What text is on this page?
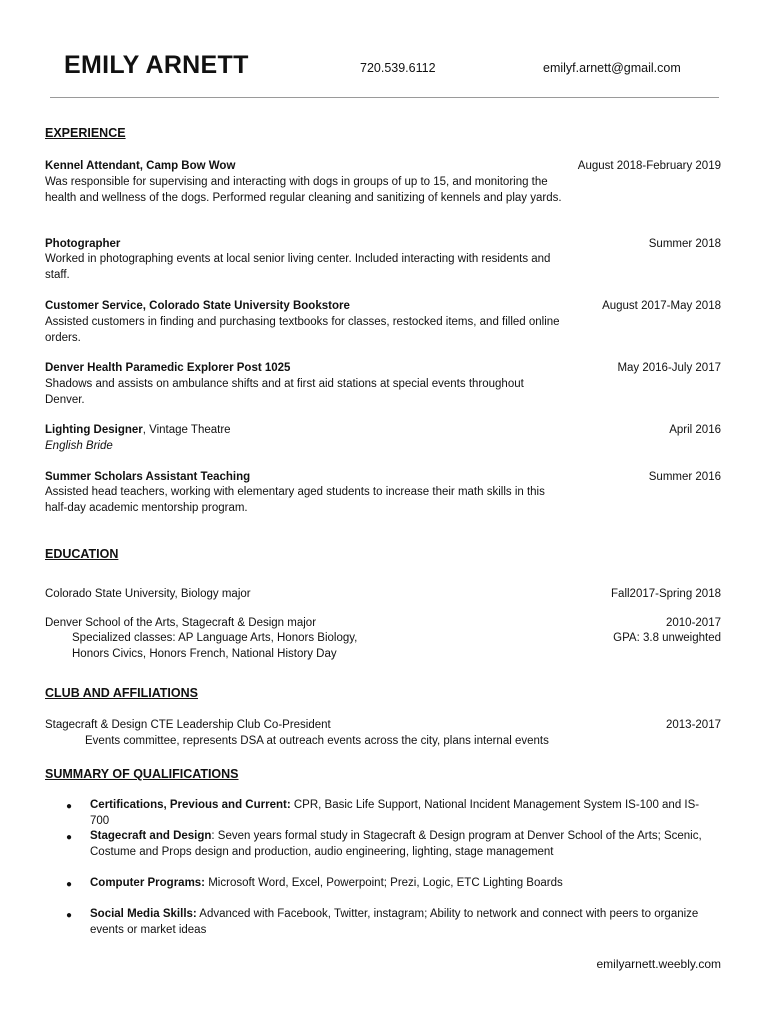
EMILY ARNETT	720.539.6112	emilyf.arnett@gmail.com
EXPERIENCE
Kennel Attendant, Camp Bow Wow	August 2018-February 2019
Was responsible for supervising and interacting with dogs in groups of up to 15, and monitoring the health and wellness of the dogs. Performed regular cleaning and sanitizing of kennels and play yards.
Photographer	Summer 2018
Worked in photographing events at local senior living center. Included interacting with residents and staff.
Customer Service, Colorado State University Bookstore	August 2017-May 2018
Assisted customers in finding and purchasing textbooks for classes, restocked items, and filled online orders.
Denver Health Paramedic Explorer Post 1025	May 2016-July 2017
Shadows and assists on ambulance shifts and at first aid stations at special events throughout Denver.
Lighting Designer, Vintage Theatre	April 2016
English Bride
Summer Scholars Assistant Teaching	Summer 2016
Assisted head teachers, working with elementary aged students to increase their math skills in this half-day academic mentorship program.
EDUCATION
Colorado State University, Biology major	Fall2017-Spring 2018
Denver School of the Arts, Stagecraft & Design major	2010-2017
Specialized classes: AP Language Arts, Honors Biology,	GPA: 3.8 unweighted
Honors Civics, Honors French, National History Day
CLUB AND AFFILIATIONS
Stagecraft & Design CTE Leadership Club Co-President	2013-2017
Events committee, represents DSA at outreach events across the city, plans internal events
SUMMARY OF QUALIFICATIONS
● Certifications, Previous and Current: CPR, Basic Life Support, National Incident Management System IS-100 and IS-700
● Stagecraft and Design: Seven years formal study in Stagecraft & Design program at Denver School of the Arts; Scenic, Costume and Props design and production, audio engineering, lighting, stage management
● Computer Programs: Microsoft Word, Excel, Powerpoint; Prezi, Logic, ETC Lighting Boards
● Social Media Skills: Advanced with Facebook, Twitter, instagram; Ability to network and connect with peers to organize events or market ideas
emilyarnett.weebly.com
